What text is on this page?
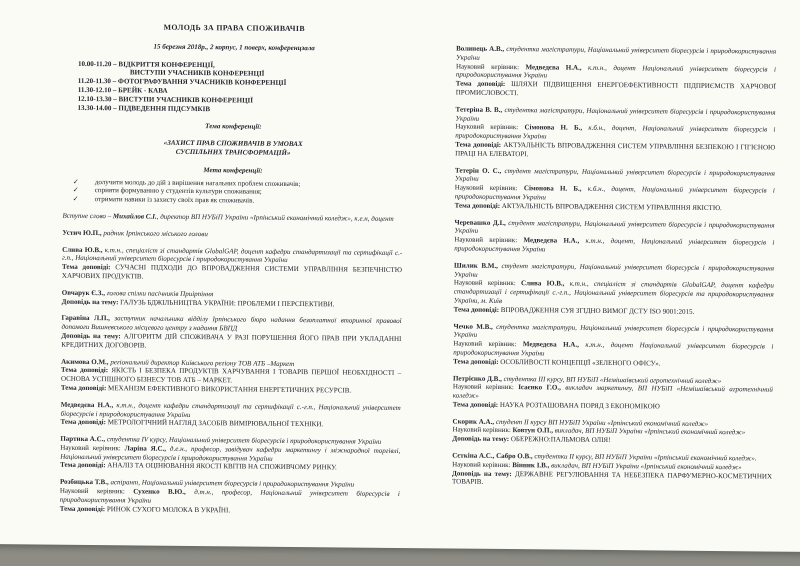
МОЛОДЬ ЗА ПРАВА СПОЖИВАЧІВ

15 березня 2018р., 2 корпус, 1 поверх, конференцзала

10.00-11.20 – ВІДКРИТТЯ КОНФЕРЕНЦІЇ,

ВИСТУПИ УЧАСНИКІВ КОНФЕРЕНЦІЇ

11.20-11.30 – ФОТОГРАФУВАННЯ УЧАСНИКІВ КОНФЕРЕНЦІЇ

11.30-12.10 – БРЕЙК - КАВА

12.10-13.30 – ВИСТУПИ УЧАСНИКІВ КОНФЕРЕНЦІЇ

13.30-14.00 – ПІДВЕДЕННЯ ПІДСУМКІВ

Тема конференції:

«ЗАХИСТ ПРАВ СПОЖИВАЧІВ В УМОВАХ
СУСПІЛЬНИХ ТРАНСФОРМАЦІЙ»

Мета конференції:

✓ долучити молодь до дій з вирішення нагальних проблем споживачів;

✓ сприяти формуванню у студентів культури споживання;

✓ отримати навики із захисту своїх прав як споживачів.

Вступне слово – Михайлов С.І., директор ВП НУБіП України «Ірпінський економічний коледж», к.е.н, доцент

Устич Ю.П., радник Ірпінського міського голови

Слива Ю.В., к.т.н., спеціаліст зі стандартів GlobalGAP, доцент кафедри стандартизації та сертифікації с.-г.п., Національний університет біоресурсів і природокористування України

Тема доповіді: СУЧАСНІ ПІДХОДИ ДО ВПРОВАДЖЕННЯ СИСТЕМИ УПРАВЛІННЯ БЕЗПЕЧНІСТЮ ХАРЧОВИХ ПРОДУКТІВ.

Овчарук Є.З., голова спілки пасічників Приірпіння

Доповідь на тему: ГАЛУЗЬ БДЖІЛЬНИЦТВА УКРАЇНИ: ПРОБЛЕМИ І ПЕРСПЕКТИВИ.

Гаравіна Л.П., заступник начальника відділу Ірпінського бюро надання безоплатної вторинної правової допомоги Вишневського місцевого центру з надання БВПД

Доповідь на тему: АЛГОРИТМ ДІЙ СПОЖИВАЧА У РАЗІ ПОРУШЕННЯ ЙОГО ПРАВ ПРИ УКЛАДАННІ КРЕДИТНИХ ДОГОВОРІВ.

Акимова О.М., регіональний директор Київського регіону ТОВ АТБ –Маркет

Тема доповіді: ЯКІСТЬ І БЕЗПЕКА ПРОДУКТІВ ХАРЧУВАННЯ І ТОВАРІВ ПЕРШОЇ НЕОБХІДНОСТІ – ОСНОВА УСПІШНОГО БІЗНЕСУ ТОВ АТБ – МАРКЕТ.

Тема доповіді: МЕХАНІЗМ ЕФЕКТИВНОГО ВИКОРИСТАННЯ ЕНЕРГЕТИЧНИХ РЕСУРСІВ.

Медведєва Н.А., к.т.н., доцент кафедри стандартизації та сертифікації с.-г.п., Національний університет біоресурсів і природокористування України

Тема доповіді: МЕТРОЛОГІЧНИЙ НАГЛЯД ЗАСОБІВ ВИМІРЮВАЛЬНОЇ ТЕХНІКИ.

Партика А.С., студентка IV курсу, Національний університет біоресурсів і природокористування України

Науковий керівник: Ларіна Я.С., д.е.н., професор, завідувач кафедри маркетингу і міжнародної торгівлі, Національний університет біоресурсів і природокористування України

Тема доповіді: АНАЛІЗ ТА ОЦІНЮВАННЯ ЯКОСТІ КВІТІВ НА СПОЖИВЧОМУ РИНКУ.

Розбицька Т.В., аспірант, Національний університет біоресурсів і природокористування України

Науковий керівник: Сухенко В.Ю., д.т.н., професор, Національний університет біоресурсів і природокористування України

Тема доповіді: РИНОК СУХОГО МОЛОКА В УКРАЇНІ.

Волинець А.В., студентка магістратури, Національний університет біоресурсів і природокористування України

Науковий керівник: Медведєва Н.А., к.т.н., доцент Національний університет біоресурсів і природокористування України

Тема доповіді: ШЛЯХИ ПІДВИЩЕННЯ ЕНЕРГОЕФЕКТИВНОСТІ ПІДПРИЄМСТВ ХАРЧОВОЇ ПРОМИСЛОВОСТІ.

Тетеріна В. В., студентка магістратури, Національний університет біоресурсів і природокористування України

Науковий керівник: Сімонова Н. Б., к.б.н., доцент, Національний університет біоресурсів і природокористування України

Тема доповіді: АКТУАЛЬНІСТЬ ВПРОВАДЖЕННЯ СИСТЕМ УПРАВЛІННЯ БЕЗПЕКОЮ І ГІГІЄНОЮ ПРАЦІ НА ЕЛЕВАТОРІ.

Тетерін О. С., студент магістратури, Національний університет біоресурсів і природокористування України

Науковий керівник: Сімонова Н. Б., к.б.н., доцент, Національний університет біоресурсів і природокористування України

Тема доповіді: АКТУАЛЬНІСТЬ ВПРОВАДЖЕННЯ СИСТЕМ УПРАВЛІННЯ ЯКІСТЮ.

Черевашко Д.І., студент магістратури, Національний університет біоресурсів і природокористування України

Науковий керівник: Медведєва Н.А., к.т.н., доцент, Національний університет біоресурсів і природокористування України

Шилик В.М., студент магістратури, Національний університет біоресурсів і природокористування України

Науковий керівник: Слива Ю.В., к.т.н., спеціаліст зі стандартів GlobalGAP, доцент кафедри стандартизації і сертифікації с.-г.п., Національний університет біоресурсів та природокористування України, м. Київ

Тема доповіді: ВПРОВАДЖЕННЯ СУЯ ЗГІДНО ВИМОГ ДСТУ ISO 9001:2015.

Чечко М.В., студентка магістратури, Національний університет біоресурсів і природокористування України

Науковий керівник: Медведєва Н.А., к.т.н., доцент Національний університет біоресурсів і природокористування України

Тема доповіді: ОСОБЛИВОСТІ КОНЦЕПЦІЇ «ЗЕЛЕНОГО ОФІСУ».

Петрієнко Д.В., студентка ІІІ курсу, ВП НУБіП «Немішаївський агротехнічний коледж»

Науковий керівник: Ісаєнко Г.О., викладач маркетингу, ВП НУБіП «Немішаївський агротехнічний коледж»

Тема доповіді: НАУКА РОЗТАШОВАНА ПОРЯД З ЕКОНОМІКОЮ

Скорик А.А., студент ІІ курсу ВП НУБіП України «Ірпінський економічний коледж»

Науковий керівник: Ковтун О.П., викладач, ВП НУБіП України «Ірпінський економічний коледж»

Доповідь на тему: ОБЕРЕЖНО:ПАЛЬМОВА ОЛІЯ!

Сєткіна А.С., Сабро О.В., студентки ІІ курсу, ВП НУБіП України «Ірпінський економічний коледж».

Науковий керівник: Вінник І.В., викладач, ВП НУБіП України «Ірпінський економічний коледж»

Доповідь на тему: ДЕРЖАВНЕ РЕГУЛЮВАННЯ ТА НЕБЕЗПЕКА ПАРФУМЕРНО-КОСМЕТИЧНИХ ТОВАРІВ.
